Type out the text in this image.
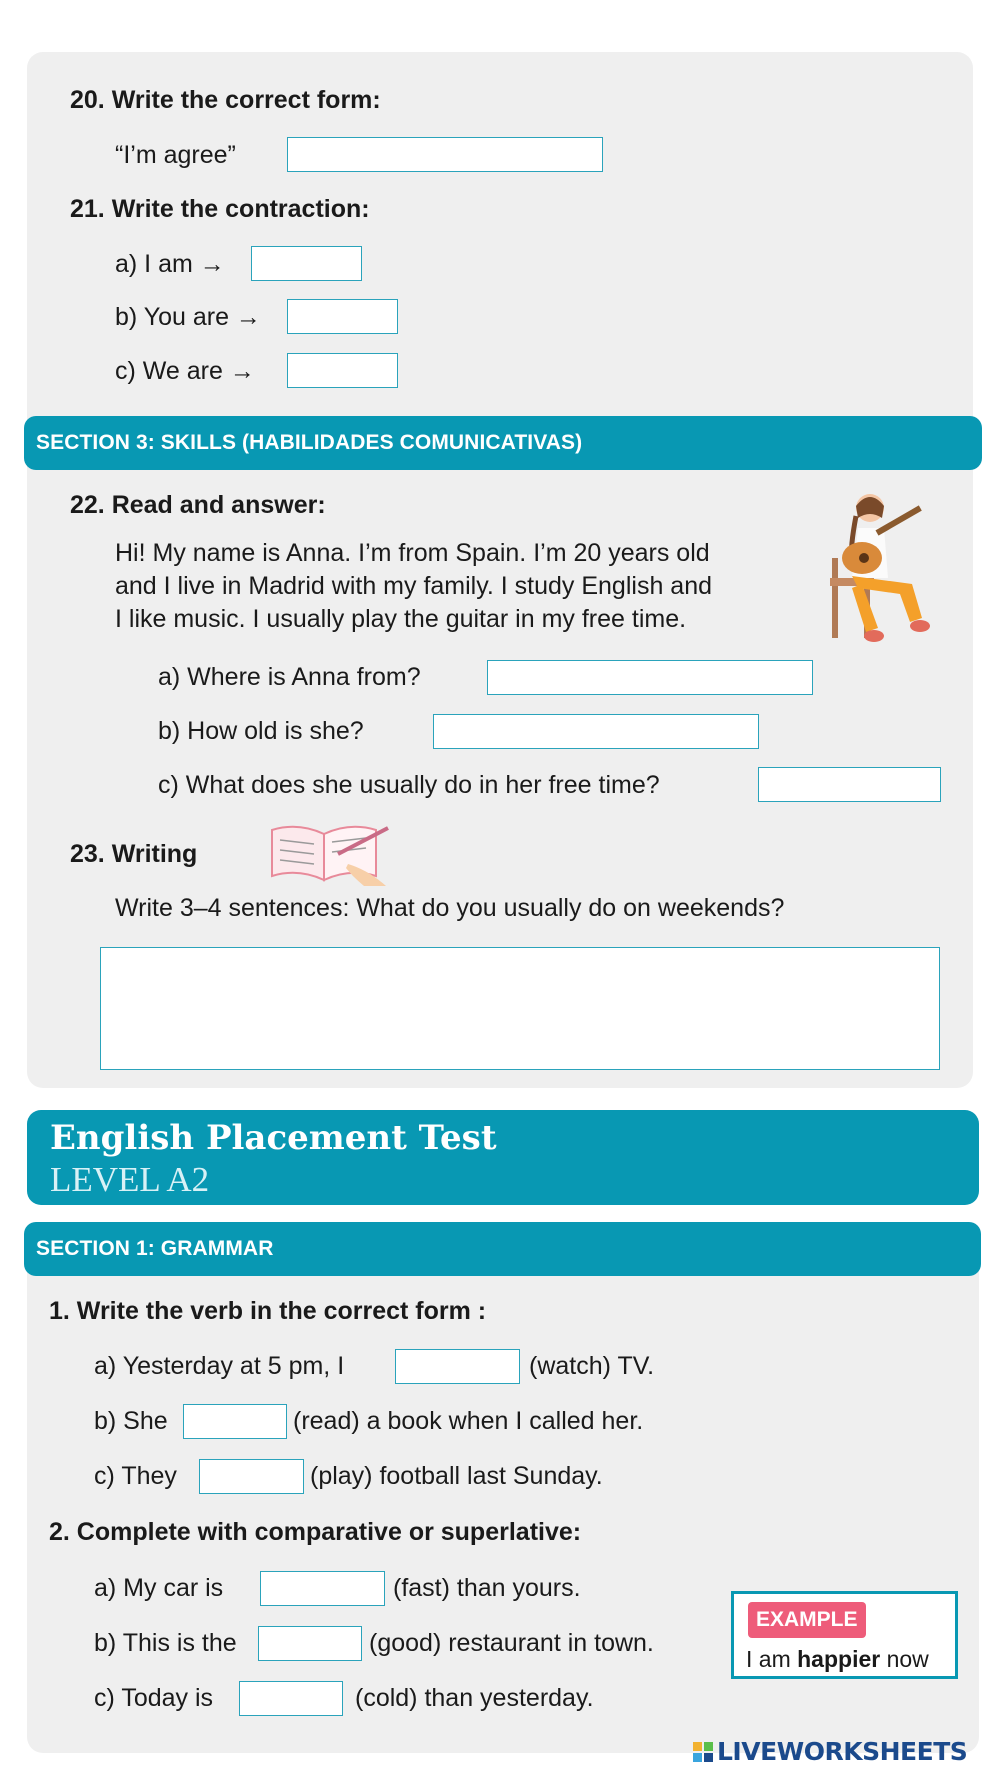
20. Write the correct form:
“I’m agree”
21. Write the contraction:
a) I am →
b) You are →
c) We are →
SECTION 3: SKILLS (HABILIDADES COMUNICATIVAS)
22. Read and answer:
Hi! My name is Anna. I’m from Spain. I’m 20 years old
and I live in Madrid with my family. I study English and
I like music. I usually play the guitar in my free time.
a) Where is Anna from?
b) How old is she?
c) What does she usually do in her free time?
23. Writing
Write 3–4 sentences: What do you usually do on weekends?
English Placement Test
LEVEL A2
SECTION 1: GRAMMAR
1. Write the verb in the correct form :
a) Yesterday at 5 pm, I	(watch) TV.
b) She	(read) a book when I called her.
c) They	(play) football last Sunday.
2. Complete with comparative or superlative:
a) My car is	(fast) than yours.
b) This is the	(good) restaurant in town.
c) Today is	(cold) than yesterday.
EXAMPLE
I am happier now
LIVEWORKSHEETS
